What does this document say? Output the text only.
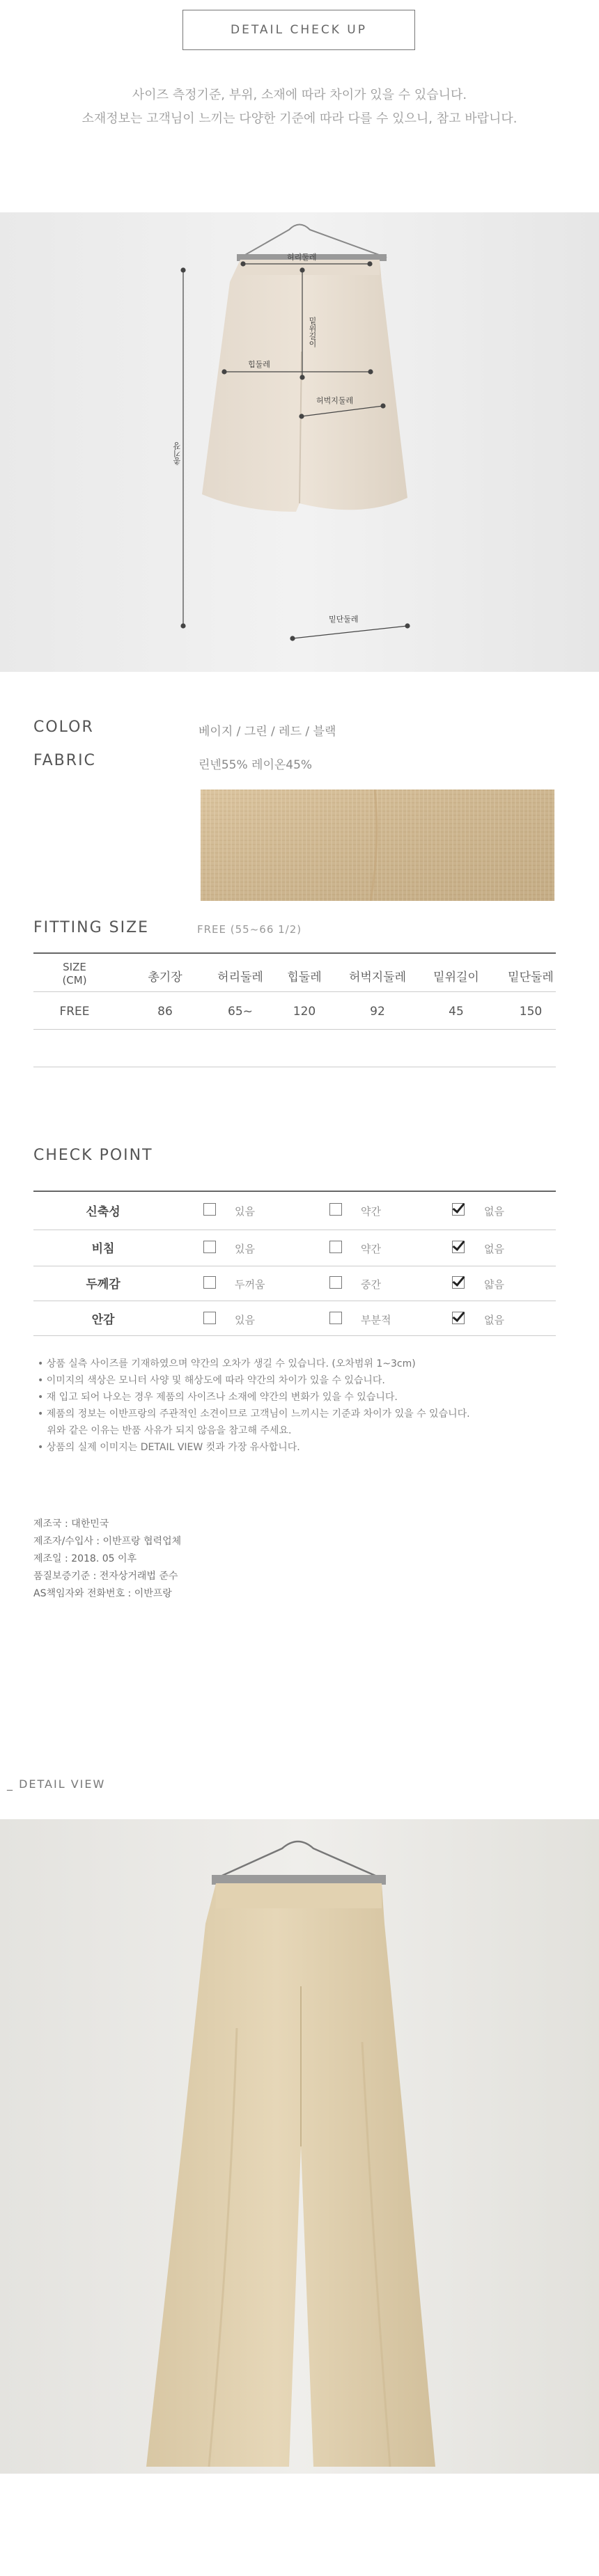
DETAIL CHECK UP
사이즈 측정기준, 부위, 소재에 따라 차이가 있을 수 있습니다.
소재정보는 고객님이 느끼는 다양한 기준에 따라 다를 수 있으니, 참고 바랍니다.
허리둘레
밑위길이
힙둘레
허벅지둘레
총기장
밑단둘레
COLOR	베이지 / 그린 / 레드 / 블랙
FABRIC	린넨55% 레이온45%
FITTING SIZE	FREE (55~66 1/2)
SIZE
(CM)	총기장	허리둘레	힙둘레	허벅지둘레	밑위길이	밑단둘레
FREE	86	65~	120	92	45	150
CHECK POINT
신축성	있음	약간	없음
비침	있음	약간	없음
두께감	두꺼움	중간	얇음
안감	있음	부분적	없음
• 상품 실측 사이즈를 기재하였으며 약간의 오차가 생길 수 있습니다. (오차범위 1~3cm)
• 이미지의 색상은 모니터 사양 및 해상도에 따라 약간의 차이가 있을 수 있습니다.
• 재 입고 되어 나오는 경우 제품의 사이즈나 소재에 약간의 변화가 있을 수 있습니다.
• 제품의 정보는 이반프랑의 주관적인 소견이므로 고객님이 느끼시는 기준과 차이가 있을 수 있습니다.
위와 같은 이유는 반품 사유가 되지 않음을 참고해 주세요.
• 상품의 실제 이미지는 DETAIL VIEW 컷과 가장 유사합니다.
제조국 : 대한민국
제조자/수입사 : 이반프랑 협력업체
제조일 : 2018. 05 이후
품질보증기준 : 전자상거래법 준수
AS책임자와 전화번호 : 이반프랑
_ DETAIL VIEW
